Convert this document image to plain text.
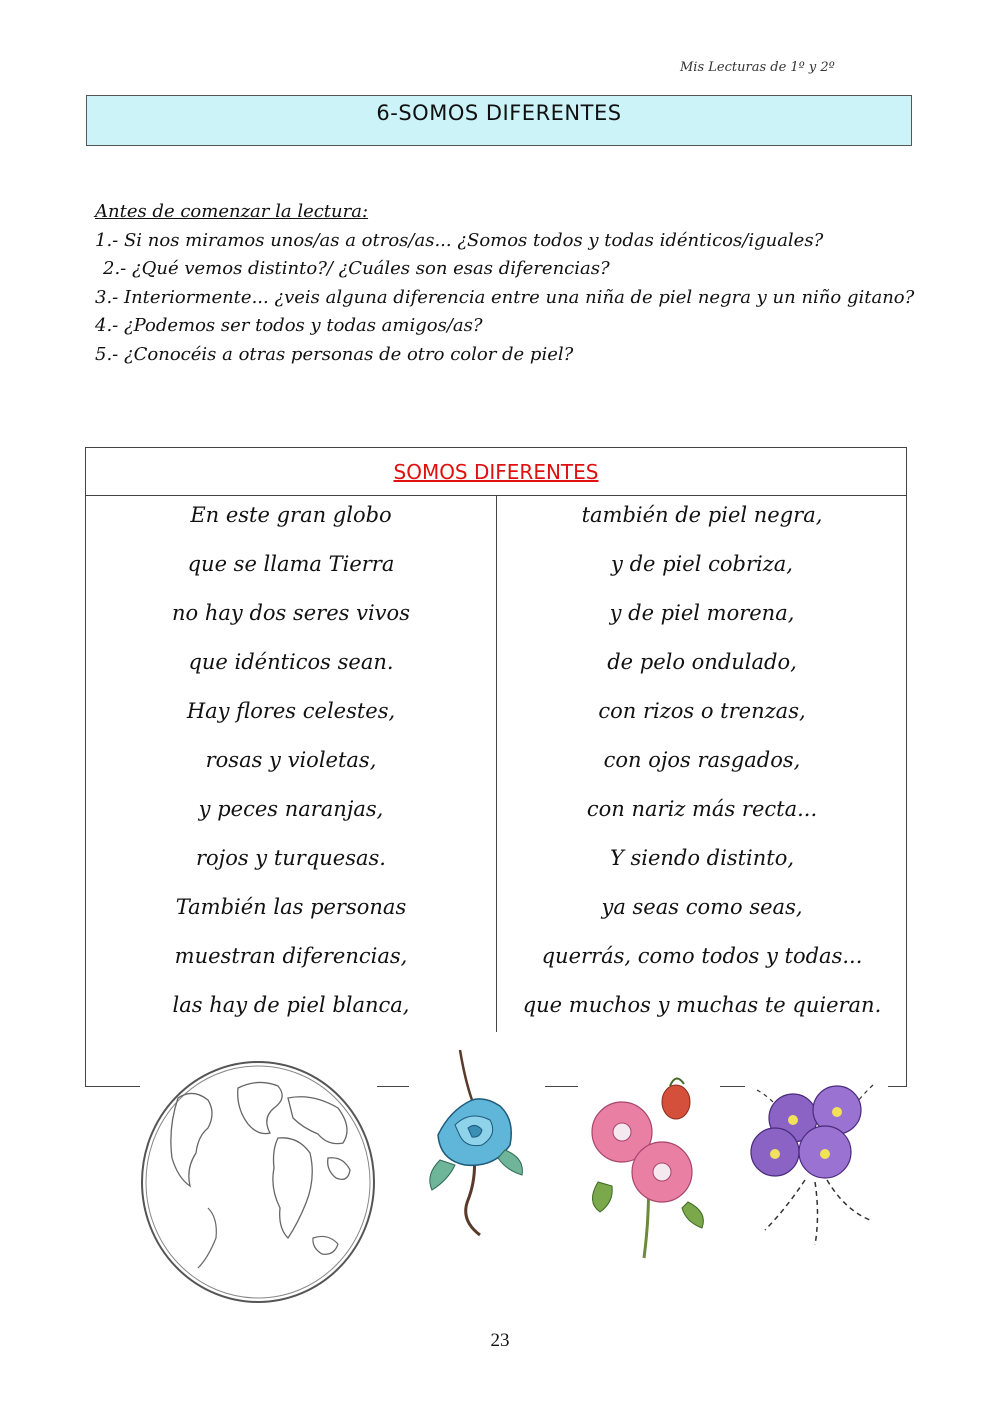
Mis Lecturas de 1º y 2º
6-SOMOS DIFERENTES
Antes de comenzar la lectura:

1.- Si nos miramos unos/as a otros/as... ¿Somos todos y todas idénticos/iguales?

2.- ¿Qué vemos distinto?/ ¿Cuáles son esas diferencias?

3.- Interiormente... ¿veis alguna diferencia entre una niña de piel negra y un niño gitano?

4.- ¿Podemos ser todos y todas amigos/as?

5.- ¿Conocéis a otras personas de otro color de piel?

SOMOS DIFERENTES
En este gran globo
que se llama Tierra
no hay dos seres vivos
que idénticos sean.
Hay flores celestes,
rosas y violetas,
y peces naranjas,
rojos y turquesas.
También las personas
muestran diferencias,
las hay de piel blanca,
también de piel negra,
y de piel cobriza,
y de piel morena,
de pelo ondulado,
con rizos o trenzas,
con ojos rasgados,
con nariz más recta...
Y siendo distinto,
ya seas como seas,
querrás, como todos y todas...
que muchos y muchas te quieran.
23
